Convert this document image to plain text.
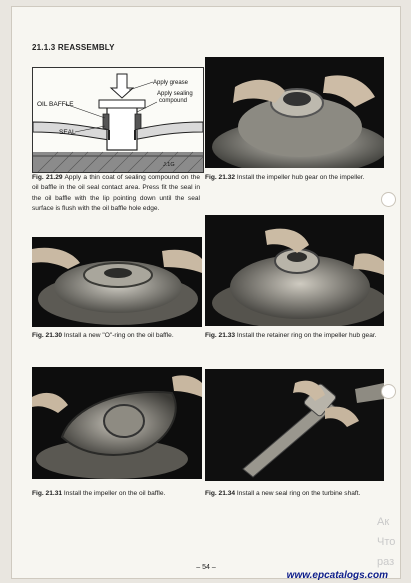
21.1.3 REASSEMBLY
Apply grease
Apply sealing
compound
OIL BAFFLE
SEAL
J.1G
Fig. 21.29 Apply a thin coat of sealing compound on the oil baffle in the oil seal contact area. Press fit the seal in the oil baffle with the lip pointing down until the seal surface is flush with the oil baffle hole edge.
Fig. 21.32 Install the impeller hub gear on the impeller.
Fig. 21.30 Install a new "O"-ring on the oil baffle.	Fig. 21.33 Install the retainer ring on the impeller hub gear.
Fig. 21.31 Install the impeller on the oil baffle.	Fig. 21.34 Install a new seal ring on the turbine shaft.
– 54 –
Ак
Что
раз
www.epcatalogs.com
